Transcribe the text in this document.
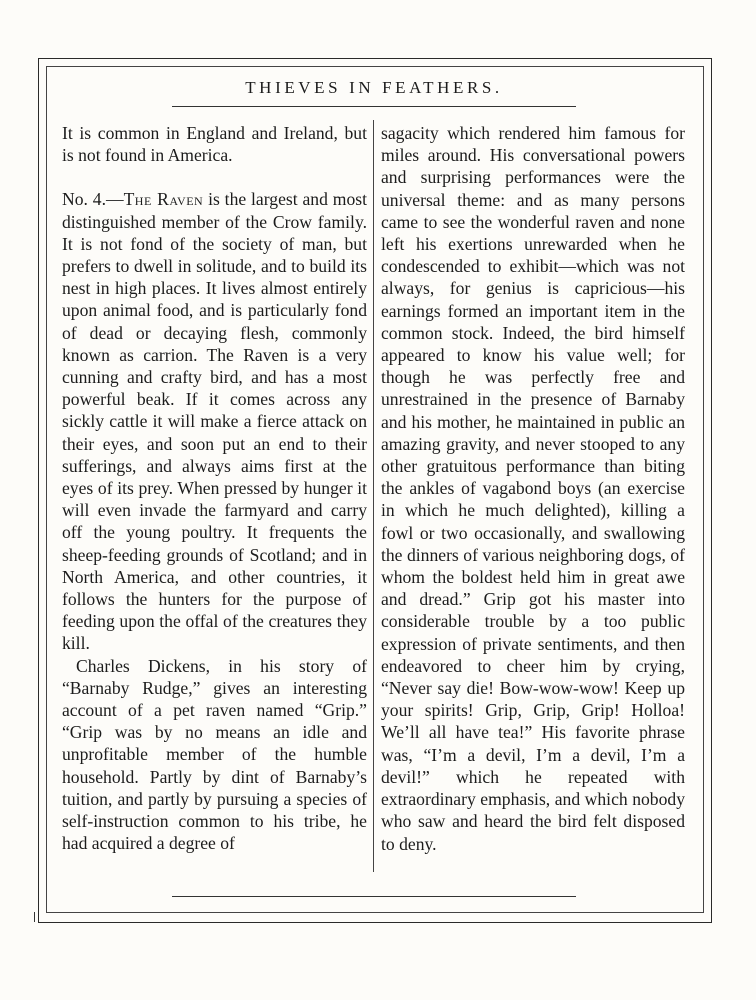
THIEVES IN FEATHERS.

It is common in England and Ireland, but is not found in America.

No. 4.—The Raven is the largest and most distinguished member of the Crow family. It is not fond of the society of man, but prefers to dwell in solitude, and to build its nest in high places. It lives almost entirely upon animal food, and is particularly fond of dead or decaying flesh, commonly known as carrion. The Raven is a very cunning and crafty bird, and has a most powerful beak. If it comes across any sickly cattle it will make a fierce attack on their eyes, and soon put an end to their sufferings, and always aims first at the eyes of its prey. When pressed by hunger it will even invade the farmyard and carry off the young poultry. It frequents the sheep-feeding grounds of Scotland; and in North America, and other countries, it follows the hunters for the purpose of feeding upon the offal of the creatures they kill.

Charles Dickens, in his story of “Barnaby Rudge,” gives an interesting account of a pet raven named “Grip.” “Grip was by no means an idle and unprofitable member of the humble household. Partly by dint of Barnaby’s tuition, and partly by pursuing a species of self-instruction common to his tribe, he had acquired a degree of

sagacity which rendered him famous for miles around. His conversational powers and surprising performances were the universal theme: and as many persons came to see the wonderful raven and none left his exertions unrewarded when he condescended to exhibit—which was not always, for genius is capricious—his earnings formed an important item in the common stock. Indeed, the bird himself appeared to know his value well; for though he was perfectly free and unrestrained in the presence of Barnaby and his mother, he maintained in public an amazing gravity, and never stooped to any other gratuitous performance than biting the ankles of vagabond boys (an exercise in which he much delighted), killing a fowl or two occasionally, and swallowing the dinners of various neighboring dogs, of whom the boldest held him in great awe and dread.” Grip got his master into considerable trouble by a too public expression of private sentiments, and then endeavored to cheer him by crying, “Never say die! Bow-wow-wow! Keep up your spirits! Grip, Grip, Grip! Holloa! We’ll all have tea!” His favorite phrase was, “I’m a devil, I’m a devil, I’m a devil!” which he repeated with extraordinary emphasis, and which nobody who saw and heard the bird felt disposed to deny.
